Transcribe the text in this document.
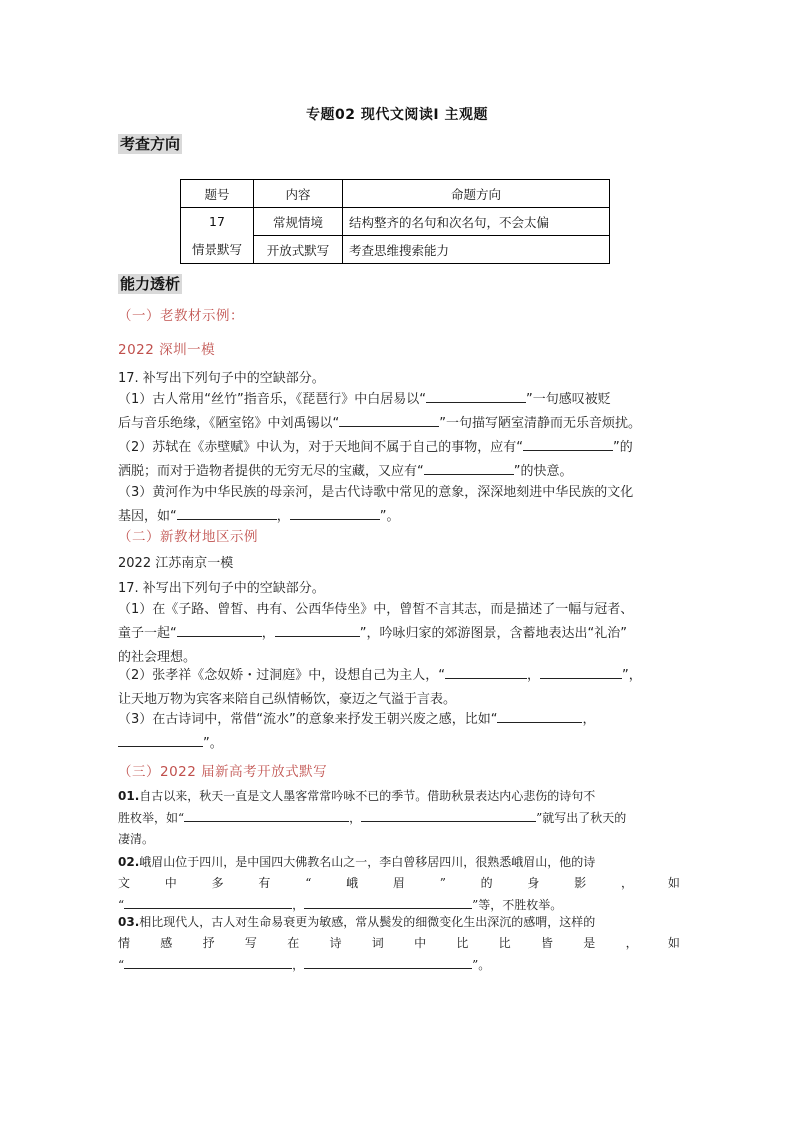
专题02 现代文阅读Ⅰ 主观题
考查方向
题号	内容	命题方向
17	常规情境	结构整齐的名句和次名句，不会太偏
情景默写	开放式默写	考查思维搜索能力
能力透析
（一）老教材示例：
2022 深圳一模
17. 补写出下列句子中的空缺部分。
（1）古人常用“丝竹”指音乐，《琵琶行》中白居易以“	”一句感叹被贬
后与音乐绝缘，《陋室铭》中刘禹锡以“	”一句描写陋室清静而无乐音烦扰。
（2）苏轼在《赤壁赋》中认为，对于天地间不属于自己的事物，应有“	”的
洒脱；而对于造物者提供的无穷无尽的宝藏，又应有“	”的快意。
（3）黄河作为中华民族的母亲河，是古代诗歌中常见的意象，深深地刻进中华民族的文化
基因，如“	，	”。
（二）新教材地区示例
2022 江苏南京一模
17. 补写出下列句子中的空缺部分。
（1）在《子路、曾皙、冉有、公西华侍坐》中，曾皙不言其志，而是描述了一幅与冠者、
童子一起“	，	”，吟咏归家的郊游图景，含蓄地表达出“礼治”
的社会理想。
（2）张孝祥《念奴娇・过洞庭》中，设想自己为主人，“	，	”，
让天地万物为宾客来陪自己纵情畅饮，豪迈之气溢于言表。
（3）在古诗词中，常借“流水”的意象来抒发王朝兴废之感，比如“	，
”。
（三）2022 届新高考开放式默写
01.自古以来，秋天一直是文人墨客常常吟咏不已的季节。借助秋景表达内心悲伤的诗句不
胜枚举，如“	，	”就写出了秋天的
凄清。
02.峨眉山位于四川，是中国四大佛教名山之一，李白曾移居四川，很熟悉峨眉山，他的诗
文	中	多	有	“	峨	眉	”	的	身	影	，	如
“	，	”等，不胜枚举。
03.相比现代人，古人对生命易衰更为敏感，常从鬓发的细微变化生出深沉的感喟，这样的
情	感	抒	写	在	诗	词	中	比	比	皆	是	，	如
“	，	”。
